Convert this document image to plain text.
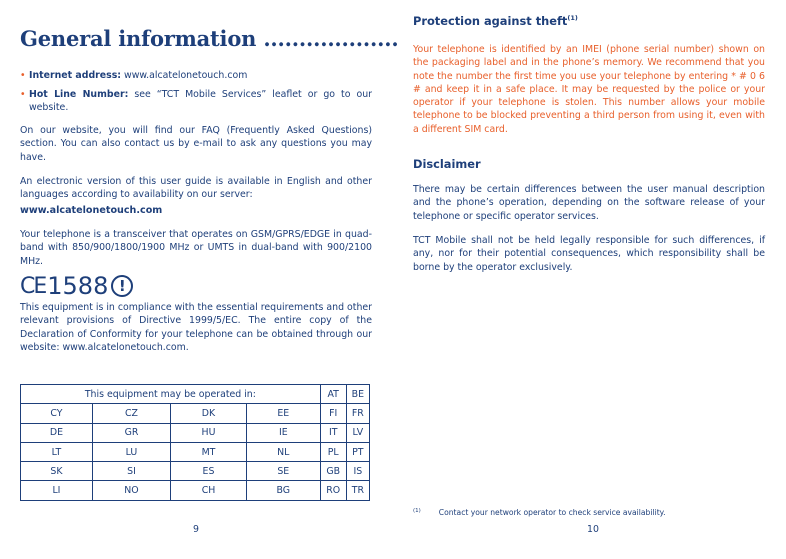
General information ...................
• Internet address: www.alcatelonetouch.com
• Hot Line Number: see “TCT Mobile Services” leaflet or go to our website.
On our website, you will find our FAQ (Frequently Asked Questions) section. You can also contact us by e-mail to ask any questions you may have.
An electronic version of this user guide is available in English and other languages according to availability on our server:
www.alcatelonetouch.com
Your telephone is a transceiver that operates on GSM/GPRS/EDGE in quad-band with 850/900/1800/1900 MHz or UMTS in dual-band with 900/2100 MHz.
CE 1588 !
This equipment is in compliance with the essential requirements and other relevant provisions of Directive 1999/5/EC. The entire copy of the Declaration of Conformity for your telephone can be obtained through our website: www.alcatelonetouch.com.
This equipment may be operated in:				AT	BE
CY	CZ	DK	EE	FI	FR
DE	GR	HU	IE	IT	LV
LT	LU	MT	NL	PL	PT
SK	SI	ES	SE	GB	IS
LI	NO	CH	BG	RO	TR
9
Protection against theft$^{(1)}$
Your telephone is identified by an IMEI (phone serial number) shown on the packaging label and in the phone’s memory. We recommend that you note the number the first time you use your telephone by entering * # 0 6 # and keep it in a safe place. It may be requested by the police or your operator if your telephone is stolen. This number allows your mobile telephone to be blocked preventing a third person from using it, even with a different SIM card.
Disclaimer
There may be certain differences between the user manual description and the phone’s operation, depending on the software release of your telephone or specific operator services.
TCT Mobile shall not be held legally responsible for such differences, if any, nor for their potential consequences, which responsibility shall be borne by the operator exclusively.
$^{(1)}$ Contact your network operator to check service availability.
10
